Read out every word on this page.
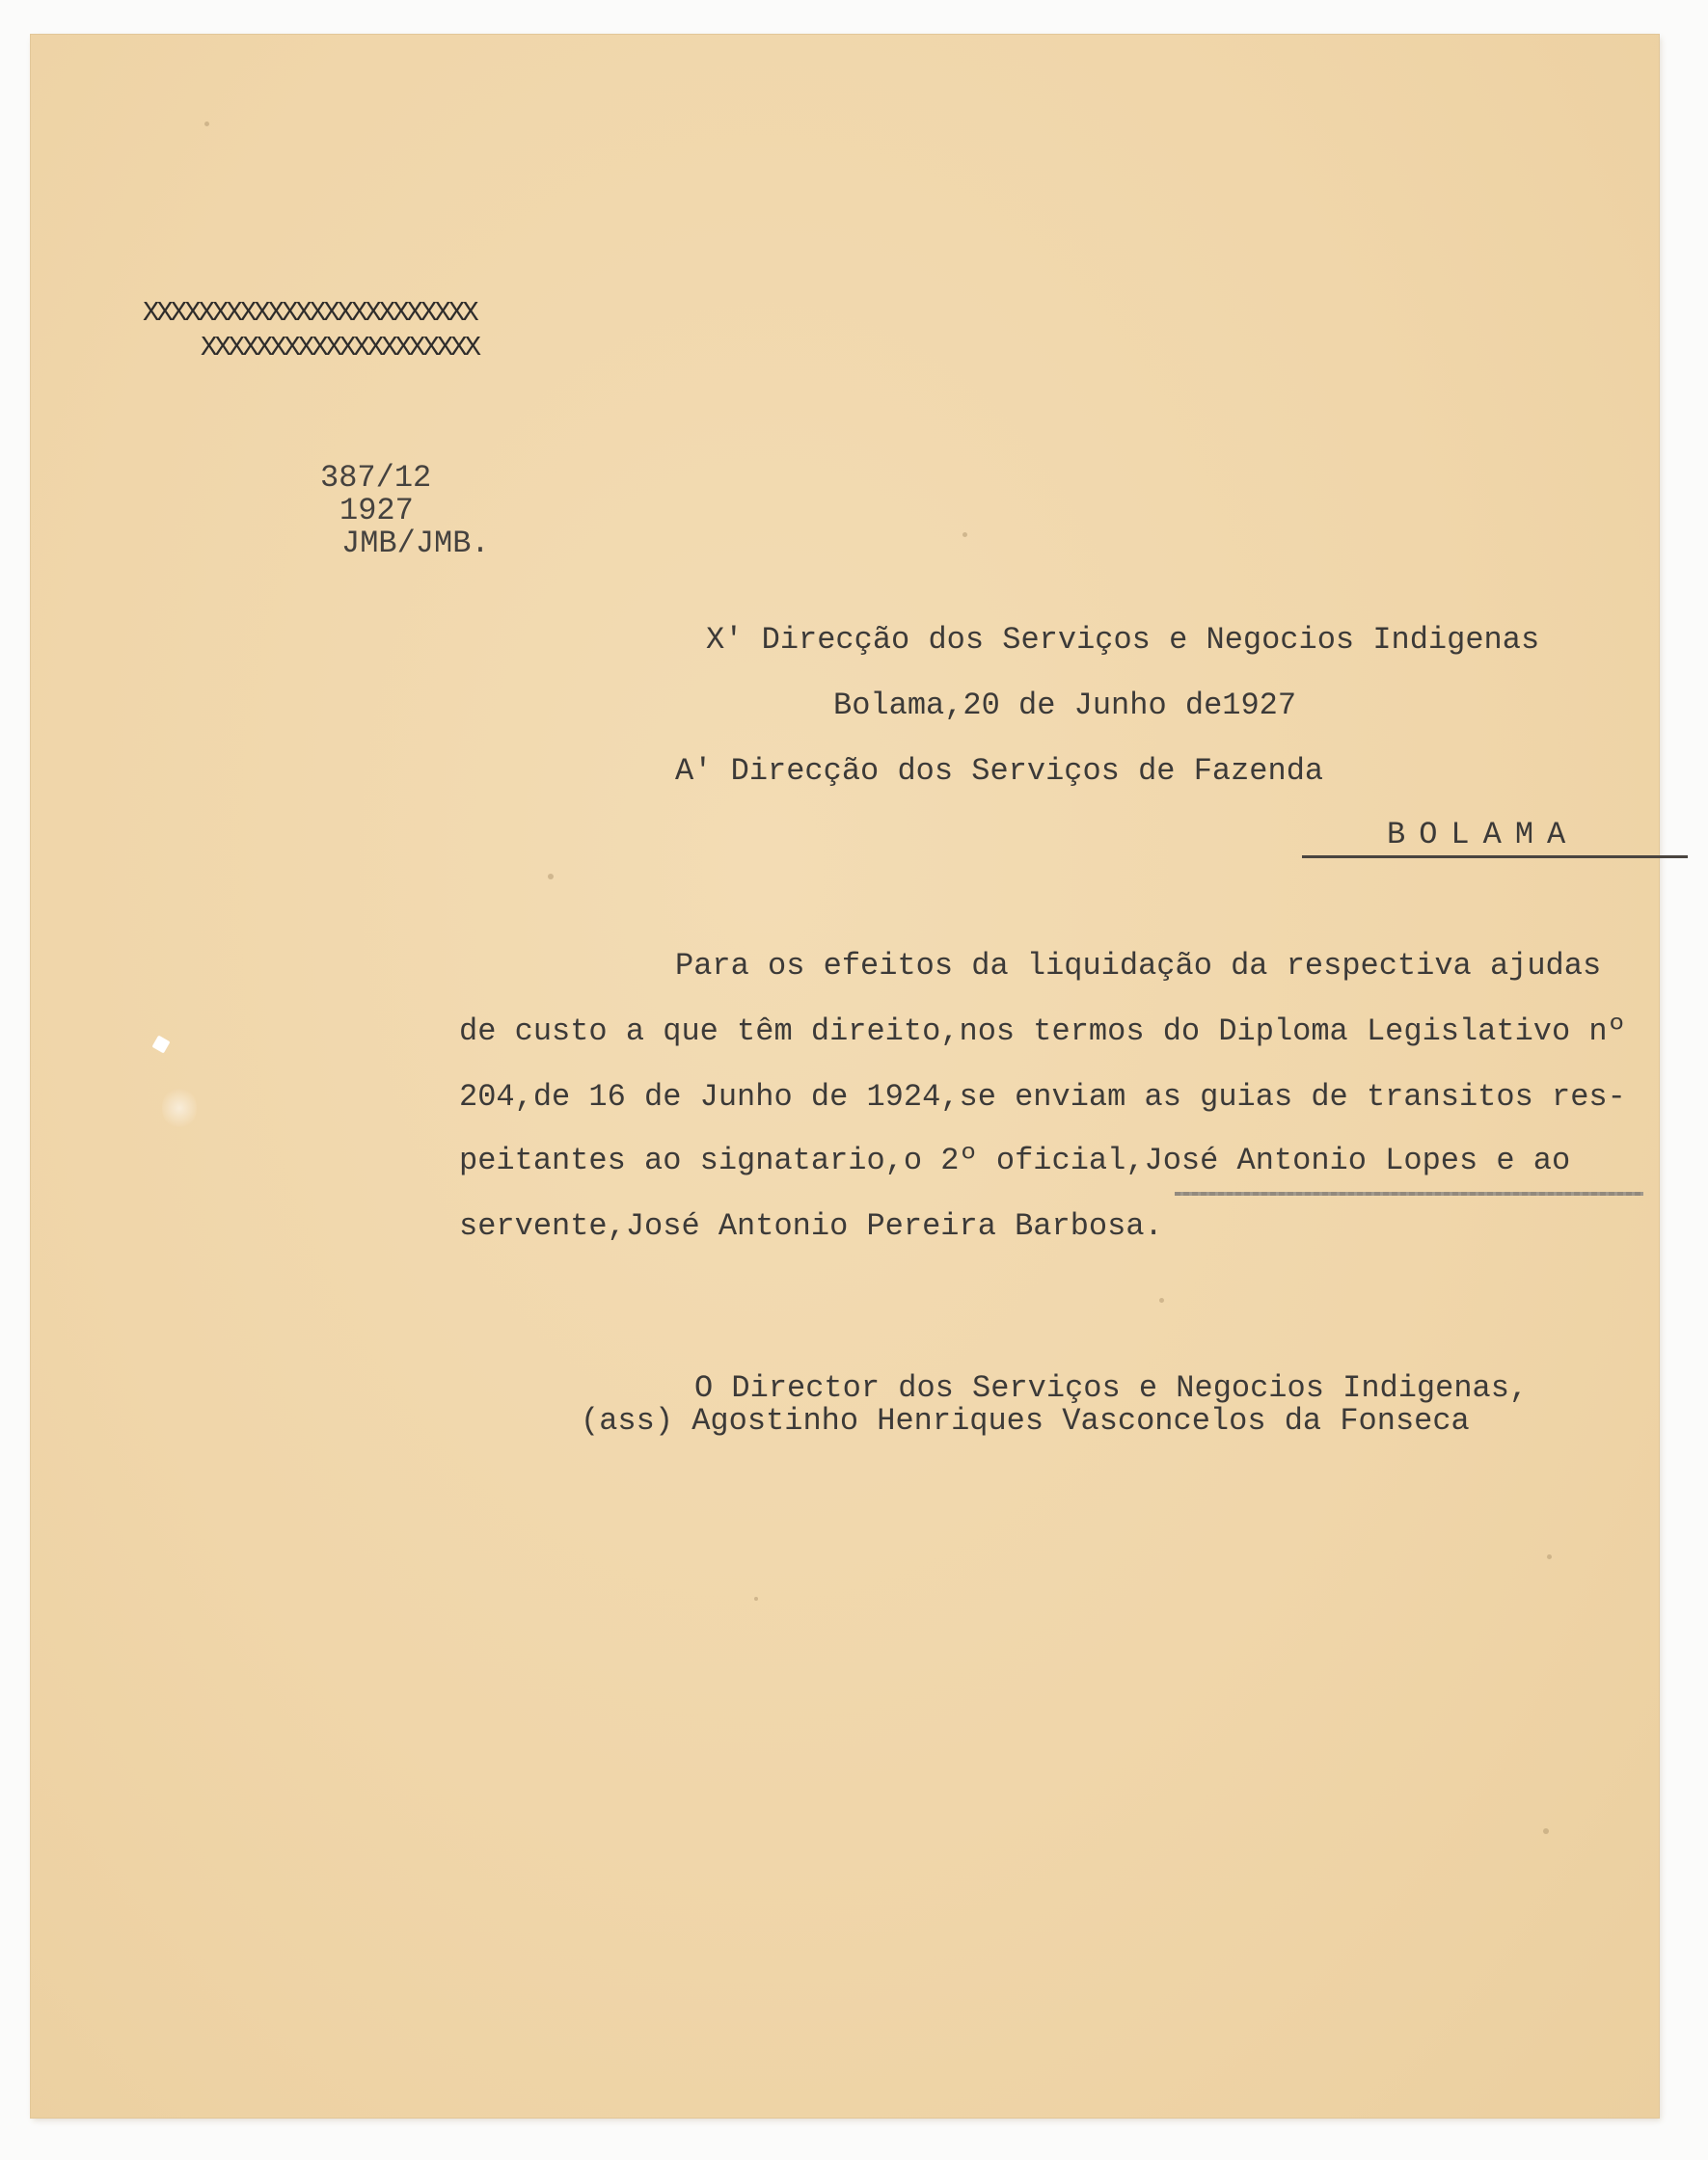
XXXXXXXXXXXXXXXXXXXXXXXX

XXXXXXXXXXXXXXXXXXXX

387/12

1927

JMB/JMB.

X' Direcção dos Serviços e Negocios Indigenas

Bolama,20 de Junho de1927

A' Direcção dos Serviços de Fazenda

BOLAMA

Para os efeitos da liquidação da respectiva ajudas

de custo a que têm direito,nos termos do Diploma Legislativo nº

204,de 16 de Junho de 1924,se enviam as guias de transitos res-

peitantes ao signatario,o 2º oficial,José Antonio Lopes e ao

servente,José Antonio Pereira Barbosa.

O Director dos Serviços e Negocios Indigenas,

(ass) Agostinho Henriques Vasconcelos da Fonseca
